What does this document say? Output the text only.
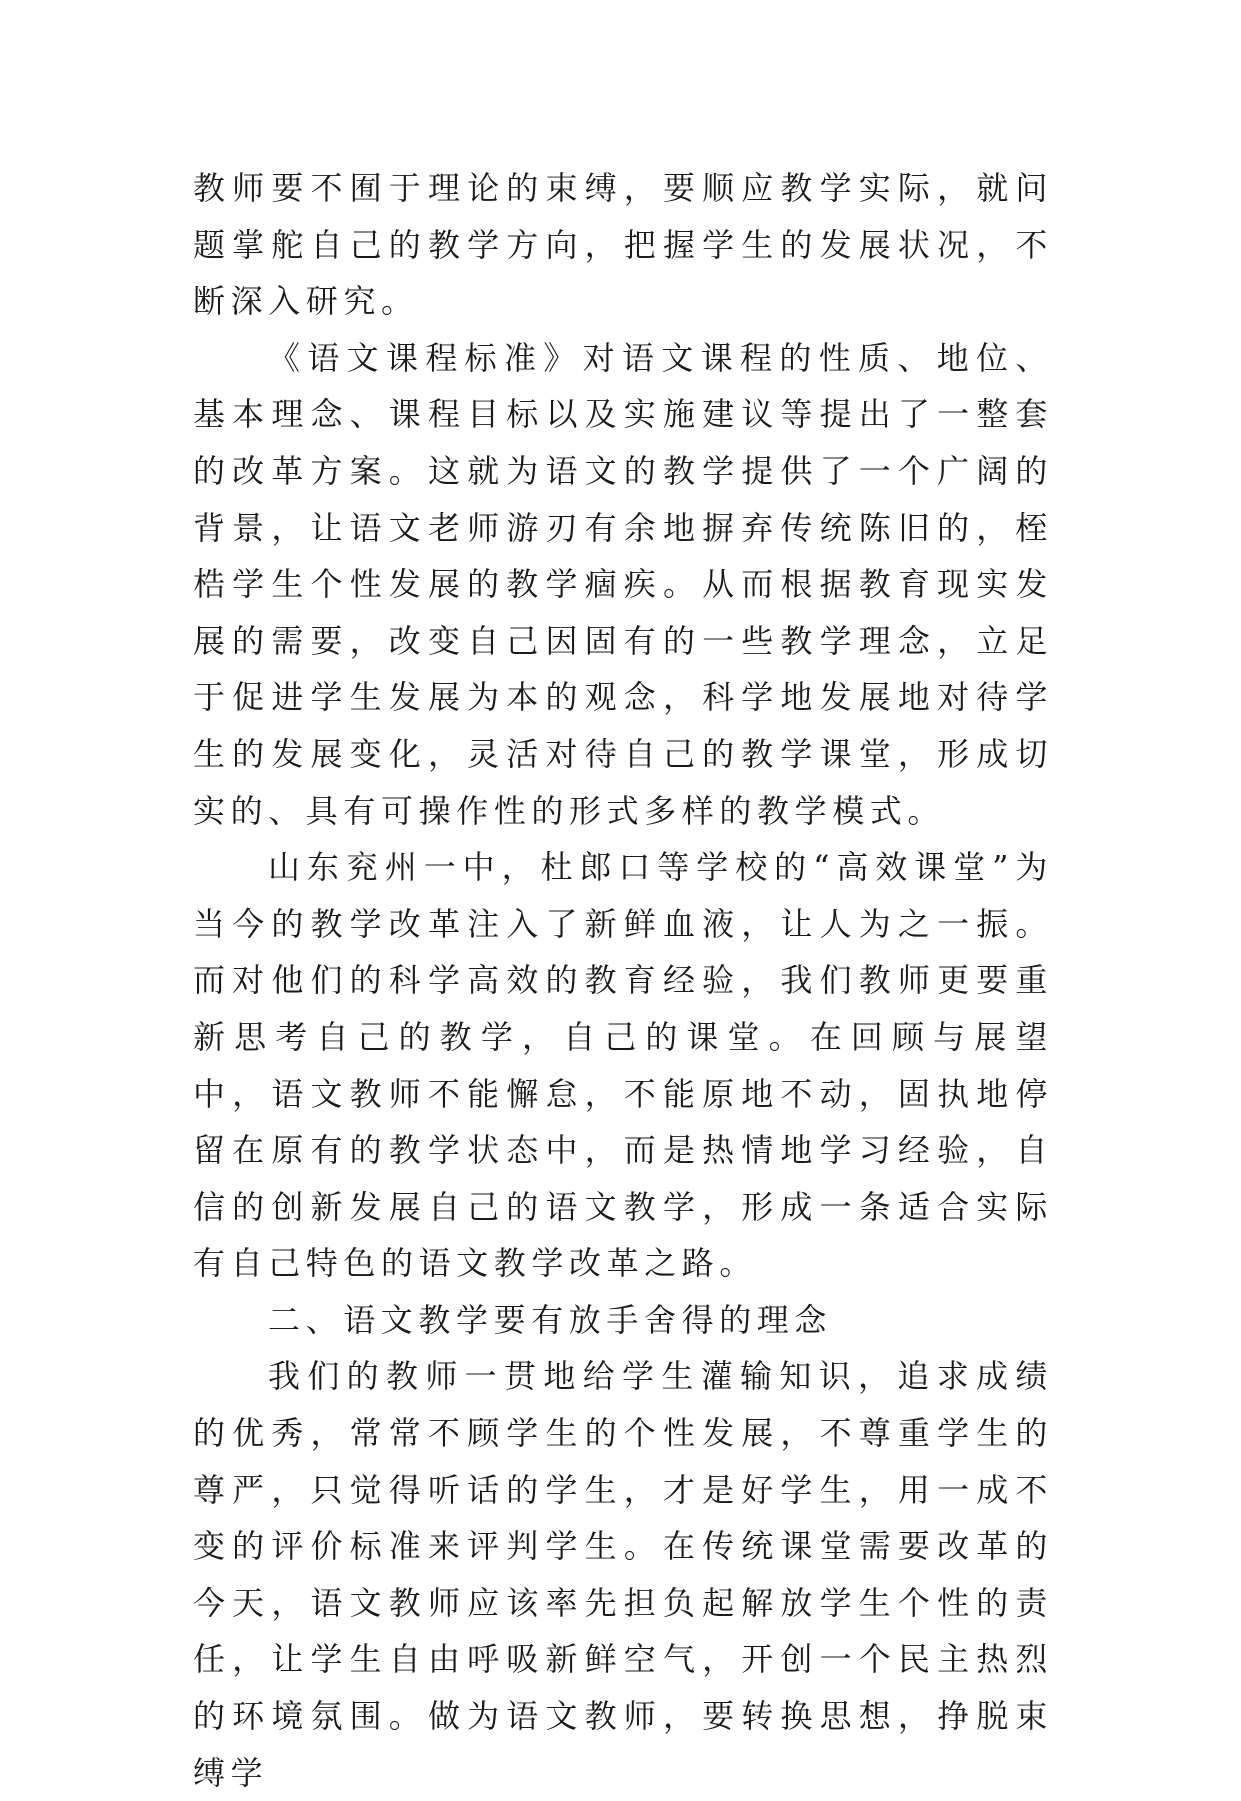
教师要不囿于理论的束缚，要顺应教学实际，就问题掌舵自己的教学方向，把握学生的发展状况，不断深入研究。

《语文课程标准》对语文课程的性质、地位、基本理念、课程目标以及实施建议等提出了一整套的改革方案。这就为语文的教学提供了一个广阔的背景，让语文老师游刃有余地摒弃传统陈旧的，桎梏学生个性发展的教学痼疾。从而根据教育现实发展的需要，改变自己因固有的一些教学理念，立足于促进学生发展为本的观念，科学地发展地对待学生的发展变化，灵活对待自己的教学课堂，形成切实的、具有可操作性的形式多样的教学模式。

山东兖州一中，杜郎口等学校的“高效课堂”为当今的教学改革注入了新鲜血液，让人为之一振。而对他们的科学高效的教育经验，我们教师更要重新思考自己的教学，自己的课堂。在回顾与展望中，语文教师不能懈怠，不能原地不动，固执地停留在原有的教学状态中，而是热情地学习经验，自信的创新发展自己的语文教学，形成一条适合实际有自己特色的语文教学改革之路。

二、语文教学要有放手舍得的理念

我们的教师一贯地给学生灌输知识，追求成绩的优秀，常常不顾学生的个性发展，不尊重学生的尊严，只觉得听话的学生，才是好学生，用一成不变的评价标准来评判学生。在传统课堂需要改革的今天，语文教师应该率先担负起解放学生个性的责任，让学生自由呼吸新鲜空气，开创一个民主热烈的环境氛围。做为语文教师，要转换思想，挣脱束缚学
